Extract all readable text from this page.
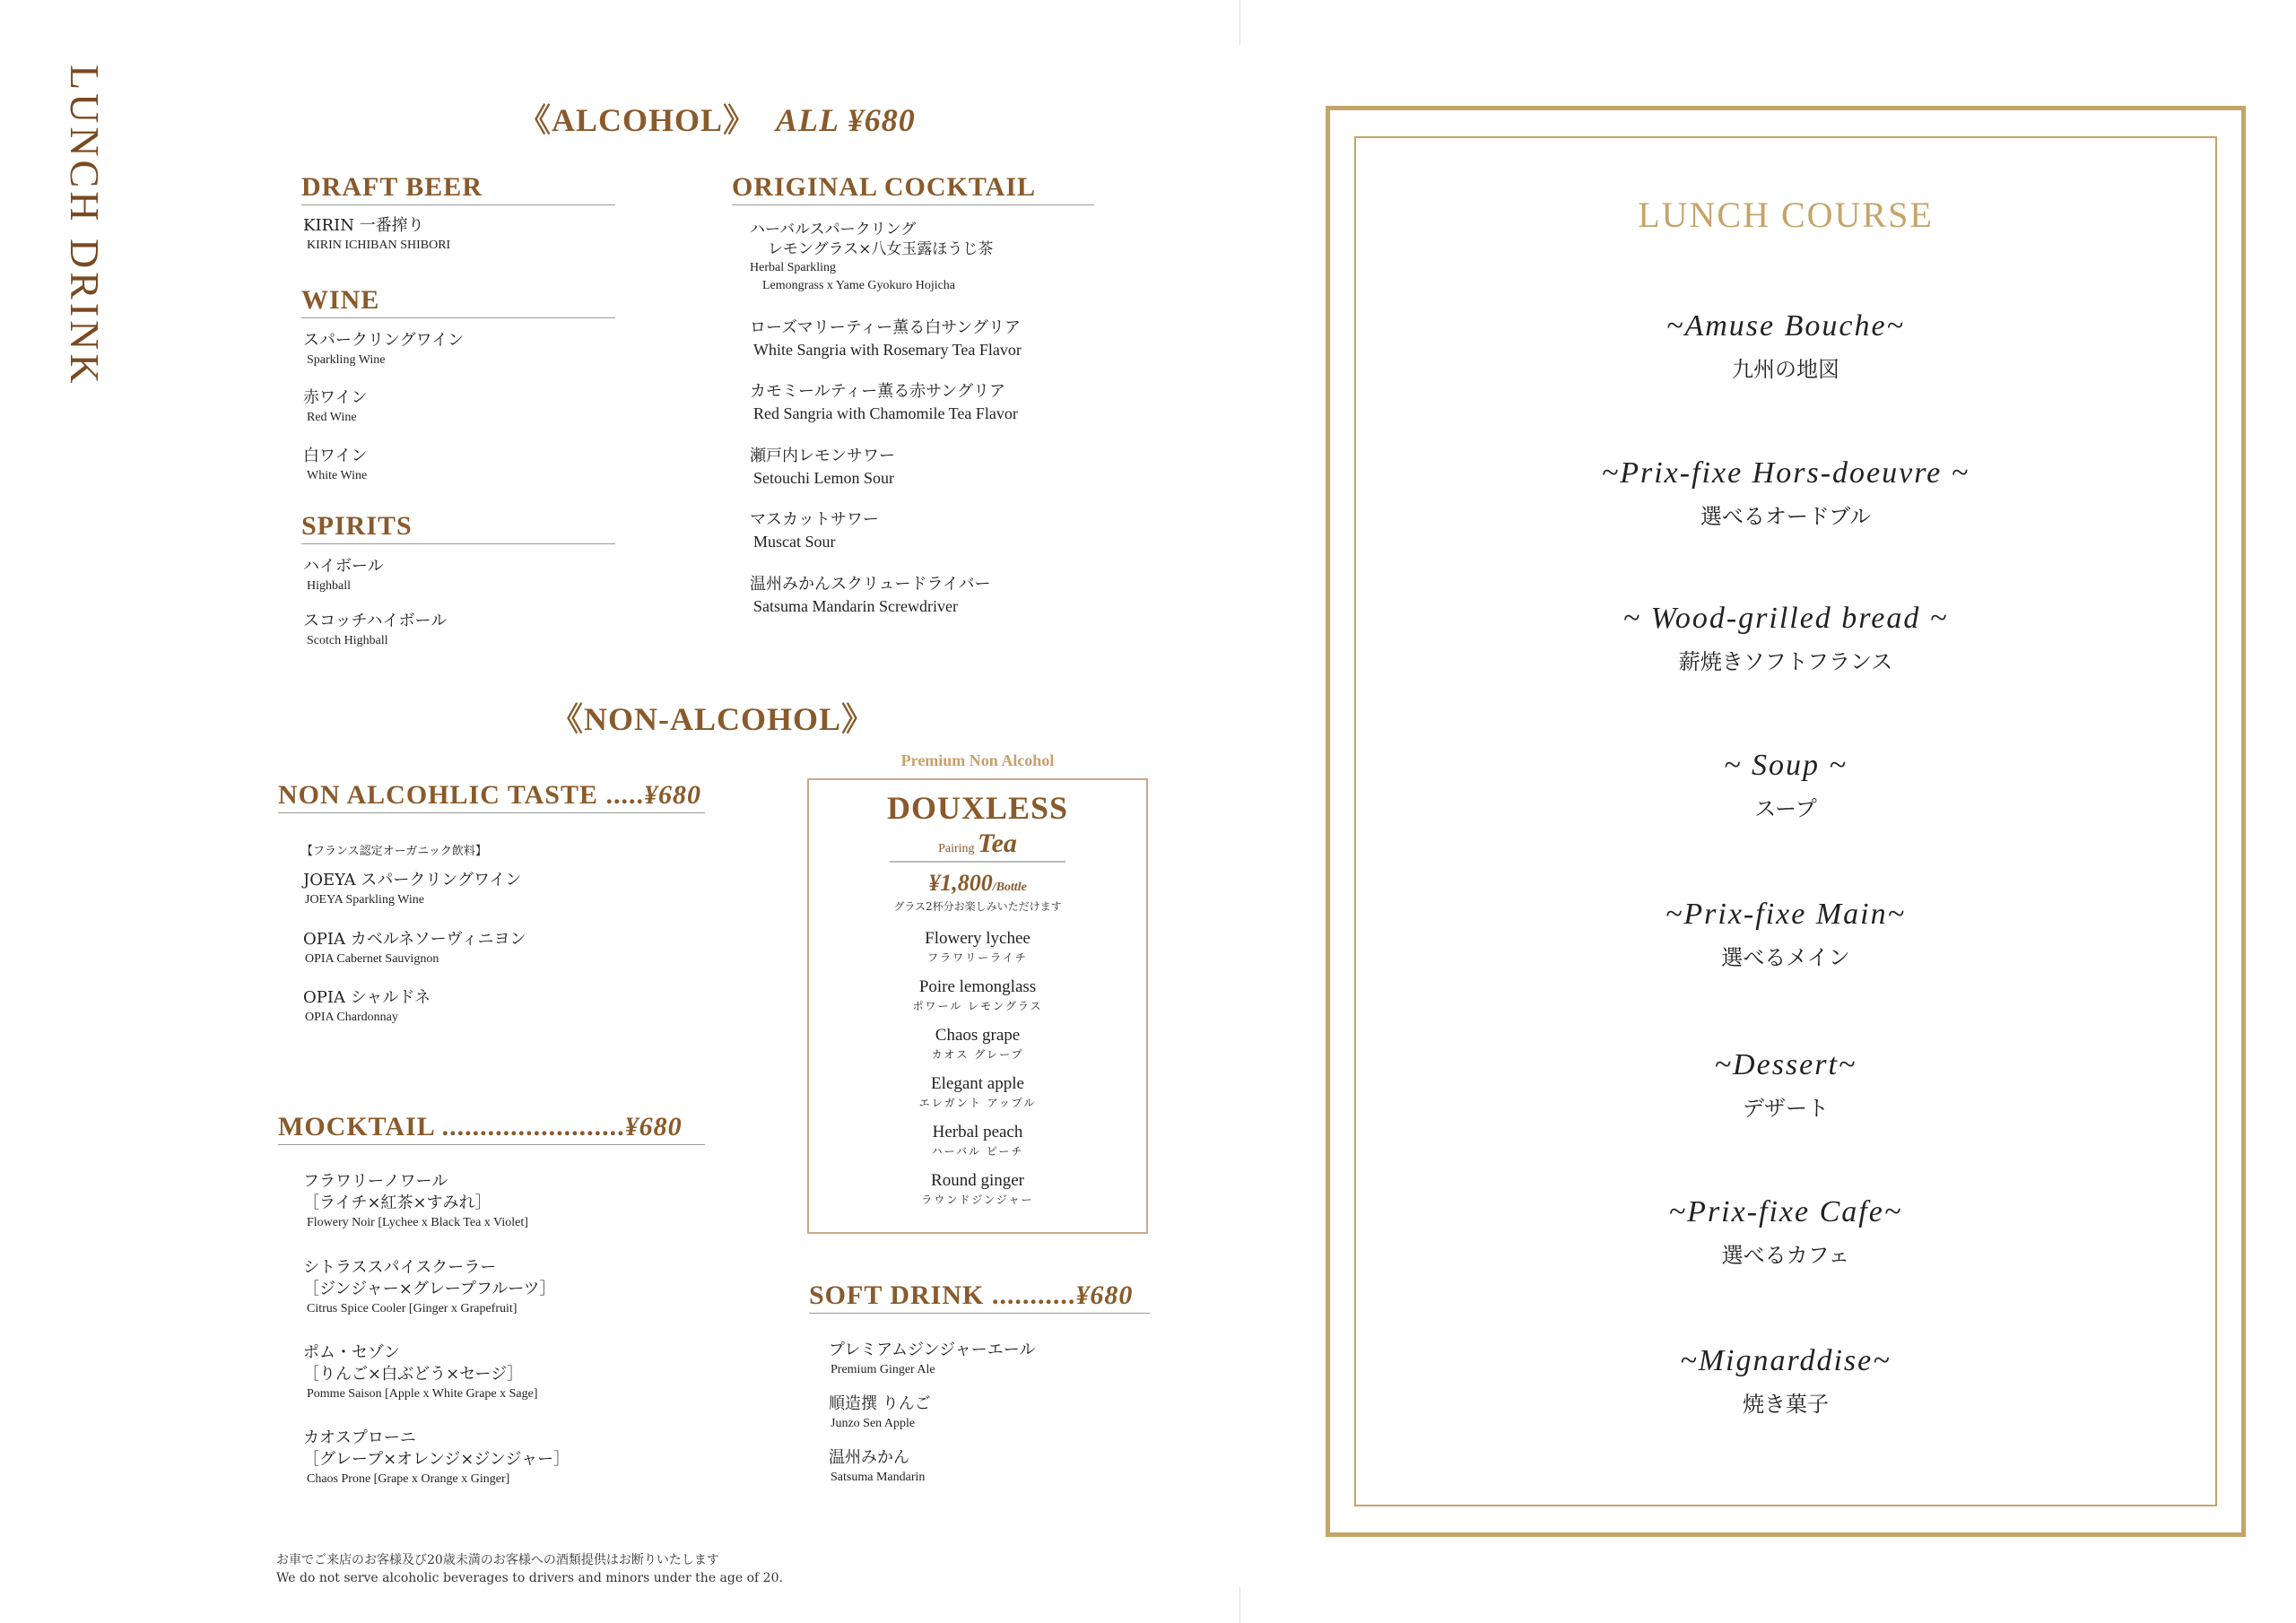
LUNCH DRINK	《ALCOHOL》 ALL ¥680
DRAFT BEER
KIRIN 一番搾り
KIRIN ICHIBAN SHIBORI
WINE
スパークリングワイン
Sparkling Wine
赤ワイン
Red Wine
白ワイン
White Wine
SPIRITS
ハイボール
Highball
スコッチハイボール
Scotch Highball
ORIGINAL COCKTAIL
ハーバルスパークリング
レモングラス×八女玉露ほうじ茶
Herbal Sparkling
Lemongrass x Yame Gyokuro Hojicha
ローズマリーティー薫る白サングリア
White Sangria with Rosemary Tea Flavor
カモミールティー薫る赤サングリア
Red Sangria with Chamomile Tea Flavor
瀬戸内レモンサワー
Setouchi Lemon Sour
マスカットサワー
Muscat Sour
温州みかんスクリュードライバー
Satsuma Mandarin Screwdriver
《NON-ALCOHOL》
NON ALCOHLIC TASTE .....¥680
【フランス認定オーガニック飲料】
JOEYA スパークリングワイン
JOEYA Sparkling Wine
OPIA カベルネソーヴィニヨン
OPIA Cabernet Sauvignon
OPIA シャルドネ
OPIA Chardonnay
MOCKTAIL ........................¥680
フラワリーノワール
［ライチ×紅茶×すみれ］
Flowery Noir [Lychee x Black Tea x Violet]
シトラススパイスクーラー
［ジンジャー×グレープフルーツ］
Citrus Spice Cooler [Ginger x Grapefruit]
ポム・セゾン
［りんご×白ぶどう×セージ］
Pomme Saison [Apple x White Grape x Sage]
カオスプローニ
［グレープ×オレンジ×ジンジャー］
Chaos Prone [Grape x Orange x Ginger]
Premium Non Alcohol
DOUXLESS
Pairing Tea
¥1,800/Bottle
グラス2杯分お楽しみいただけます
Flowery lychee
フラワリーライチ
Poire lemonglass
ポワール レモングラス
Chaos grape
カオス グレープ
Elegant apple
エレガント アップル
Herbal peach
ハーバル ピーチ
Round ginger
ラウンドジンジャー
SOFT DRINK ...........¥680
プレミアムジンジャーエール
Premium Ginger Ale
順造撰 りんご
Junzo Sen Apple
温州みかん
Satsuma Mandarin
お車でご来店のお客様及び20歳未満のお客様への酒類提供はお断りいたします
We do not serve alcoholic beverages to drivers and minors under the age of 20.
LUNCH COURSE
~Amuse Bouche~
九州の地図
~Prix-fixe Hors-doeuvre ~
選べるオードブル
~ Wood-grilled bread ~
薪焼きソフトフランス
~ Soup ~
スープ
~Prix-fixe Main~
選べるメイン
~Dessert~
デザート
~Prix-fixe Cafe~
選べるカフェ
~Mignarddise~
焼き菓子
